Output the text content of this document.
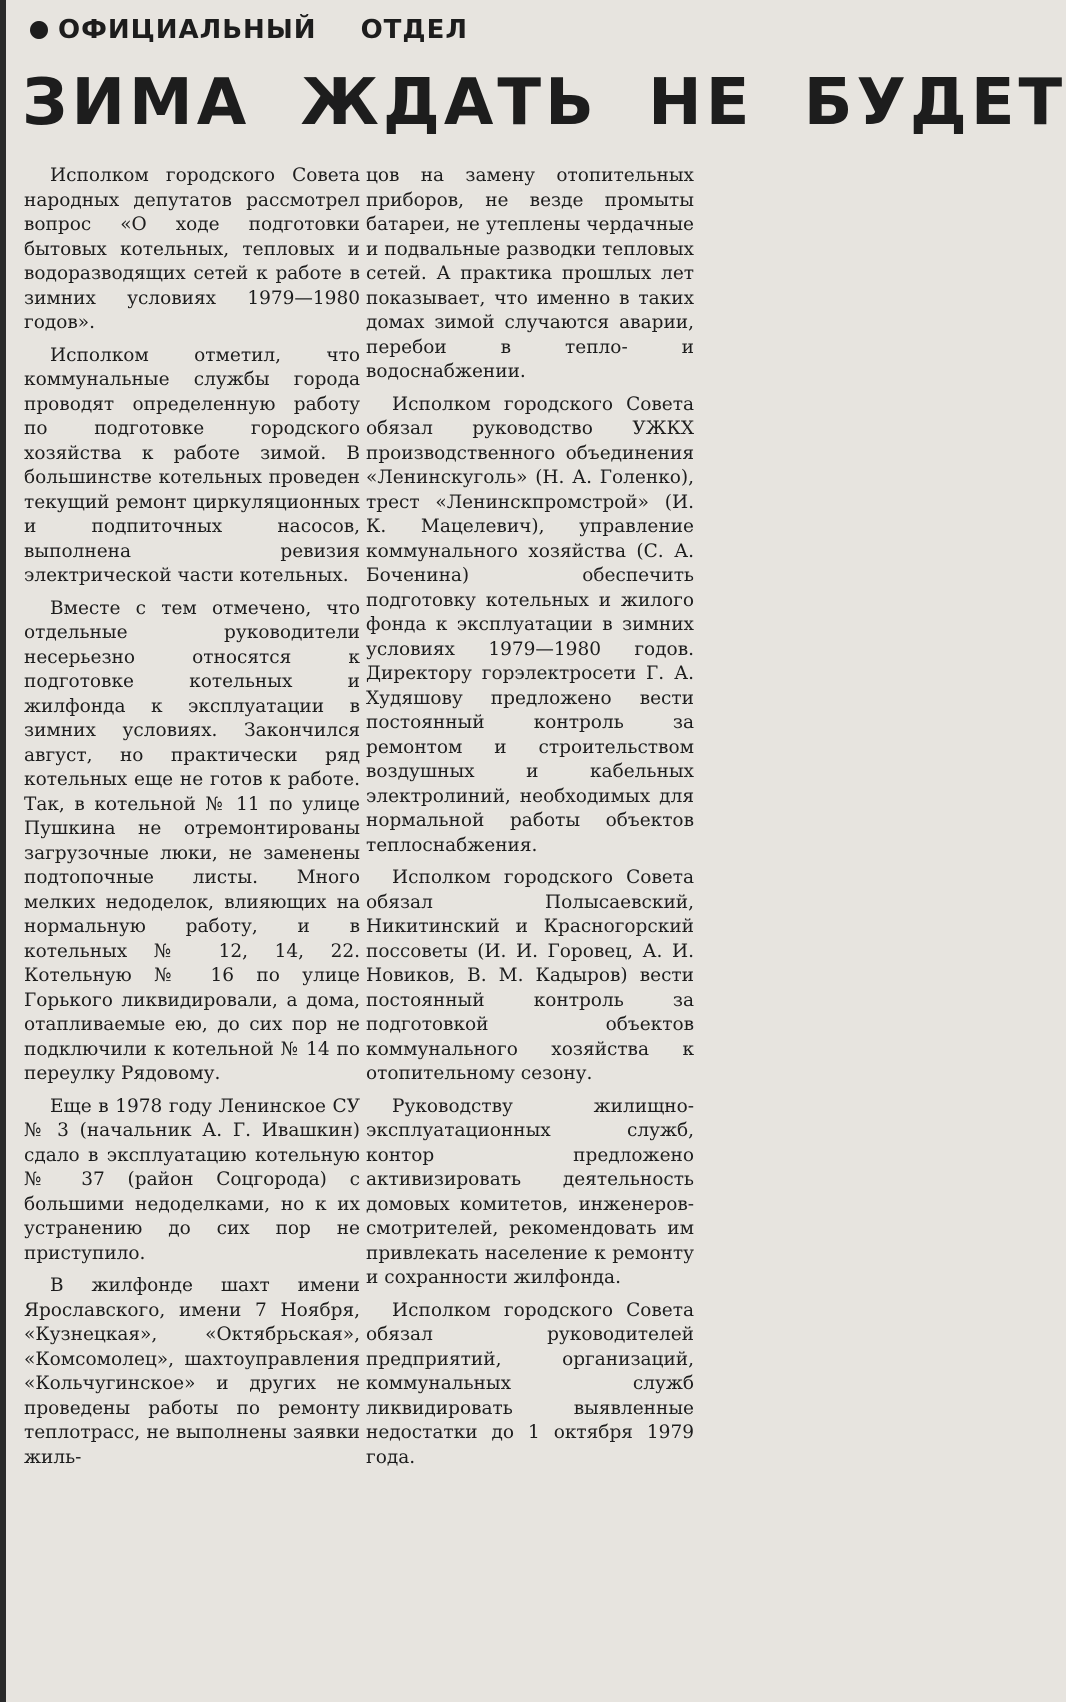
ОФИЦИАЛЬНЫЙ ОТДЕЛ
ЗИМА ЖДАТЬ НЕ БУДЕТ

Исполком городского Совета народных депутатов рассмотрел вопрос «О ходе подготовки бытовых котельных, тепловых и водоразводящих сетей к работе в зимних условиях 1979—1980 годов».

Исполком отметил, что коммунальные службы города проводят определенную работу по подготовке городского хозяйства к работе зимой. В большинстве котельных проведен текущий ремонт циркуляционных и подпиточных насосов, выполнена ревизия электрической части котельных.

Вместе с тем отмечено, что отдельные руководители несерьезно относятся к подготовке котельных и жилфонда к эксплуатации в зимних условиях. Закончился август, но практически ряд котельных еще не готов к работе. Так, в котельной № 11 по улице Пушкина не отремонтированы загрузочные люки, не заменены подтопочные листы. Много мелких недоделок, влияющих на нормальную работу, и в котельных № 12, 14, 22. Котельную № 16 по улице Горького ликвидировали, а дома, отапливаемые ею, до сих пор не подключили к котельной № 14 по переулку Рядовому.

Еще в 1978 году Ленинское СУ № 3 (начальник А. Г. Ивашкин) сдало в эксплуатацию котельную № 37 (район Соцгорода) с большими недоделками, но к их устранению до сих пор не приступило.

В жилфонде шахт имени Ярославского, имени 7 Ноября, «Кузнецкая», «Октябрьская», «Комсомолец», шахтоуправления «Кольчугинское» и других не проведены работы по ремонту теплотрасс, не выполнены заявки жиль-

цов на замену отопительных приборов, не везде промыты батареи, не утеплены чердачные и подвальные разводки тепловых сетей. А практика прошлых лет показывает, что именно в таких домах зимой случаются аварии, перебои в тепло- и водоснабжении.

Исполком городского Совета обязал руководство УЖКХ производственного объединения «Ленинскуголь» (Н. А. Голенко), трест «Ленинскпромстрой» (И. К. Мацелевич), управление коммунального хозяйства (С. А. Боченина) обеспечить подготовку котельных и жилого фонда к эксплуатации в зимних условиях 1979—1980 годов. Директору горэлектросети Г. А. Худяшову предложено вести постоянный контроль за ремонтом и строительством воздушных и кабельных электролиний, необходимых для нормальной работы объектов теплоснабжения.

Исполком городского Совета обязал Полысаевский, Никитинский и Красногорский поссоветы (И. И. Горовец, А. И. Новиков, В. М. Кадыров) вести постоянный контроль за подготовкой объектов коммунального хозяйства к отопительному сезону.

Руководству жилищно-эксплуатационных служб, контор предложено активизировать деятельность домовых комитетов, инженеров-смотрителей, рекомендовать им привлекать население к ремонту и сохранности жилфонда.

Исполком городского Совета обязал руководителей предприятий, организаций, коммунальных служб ликвидировать выявленные недостатки до 1 октября 1979 года.
